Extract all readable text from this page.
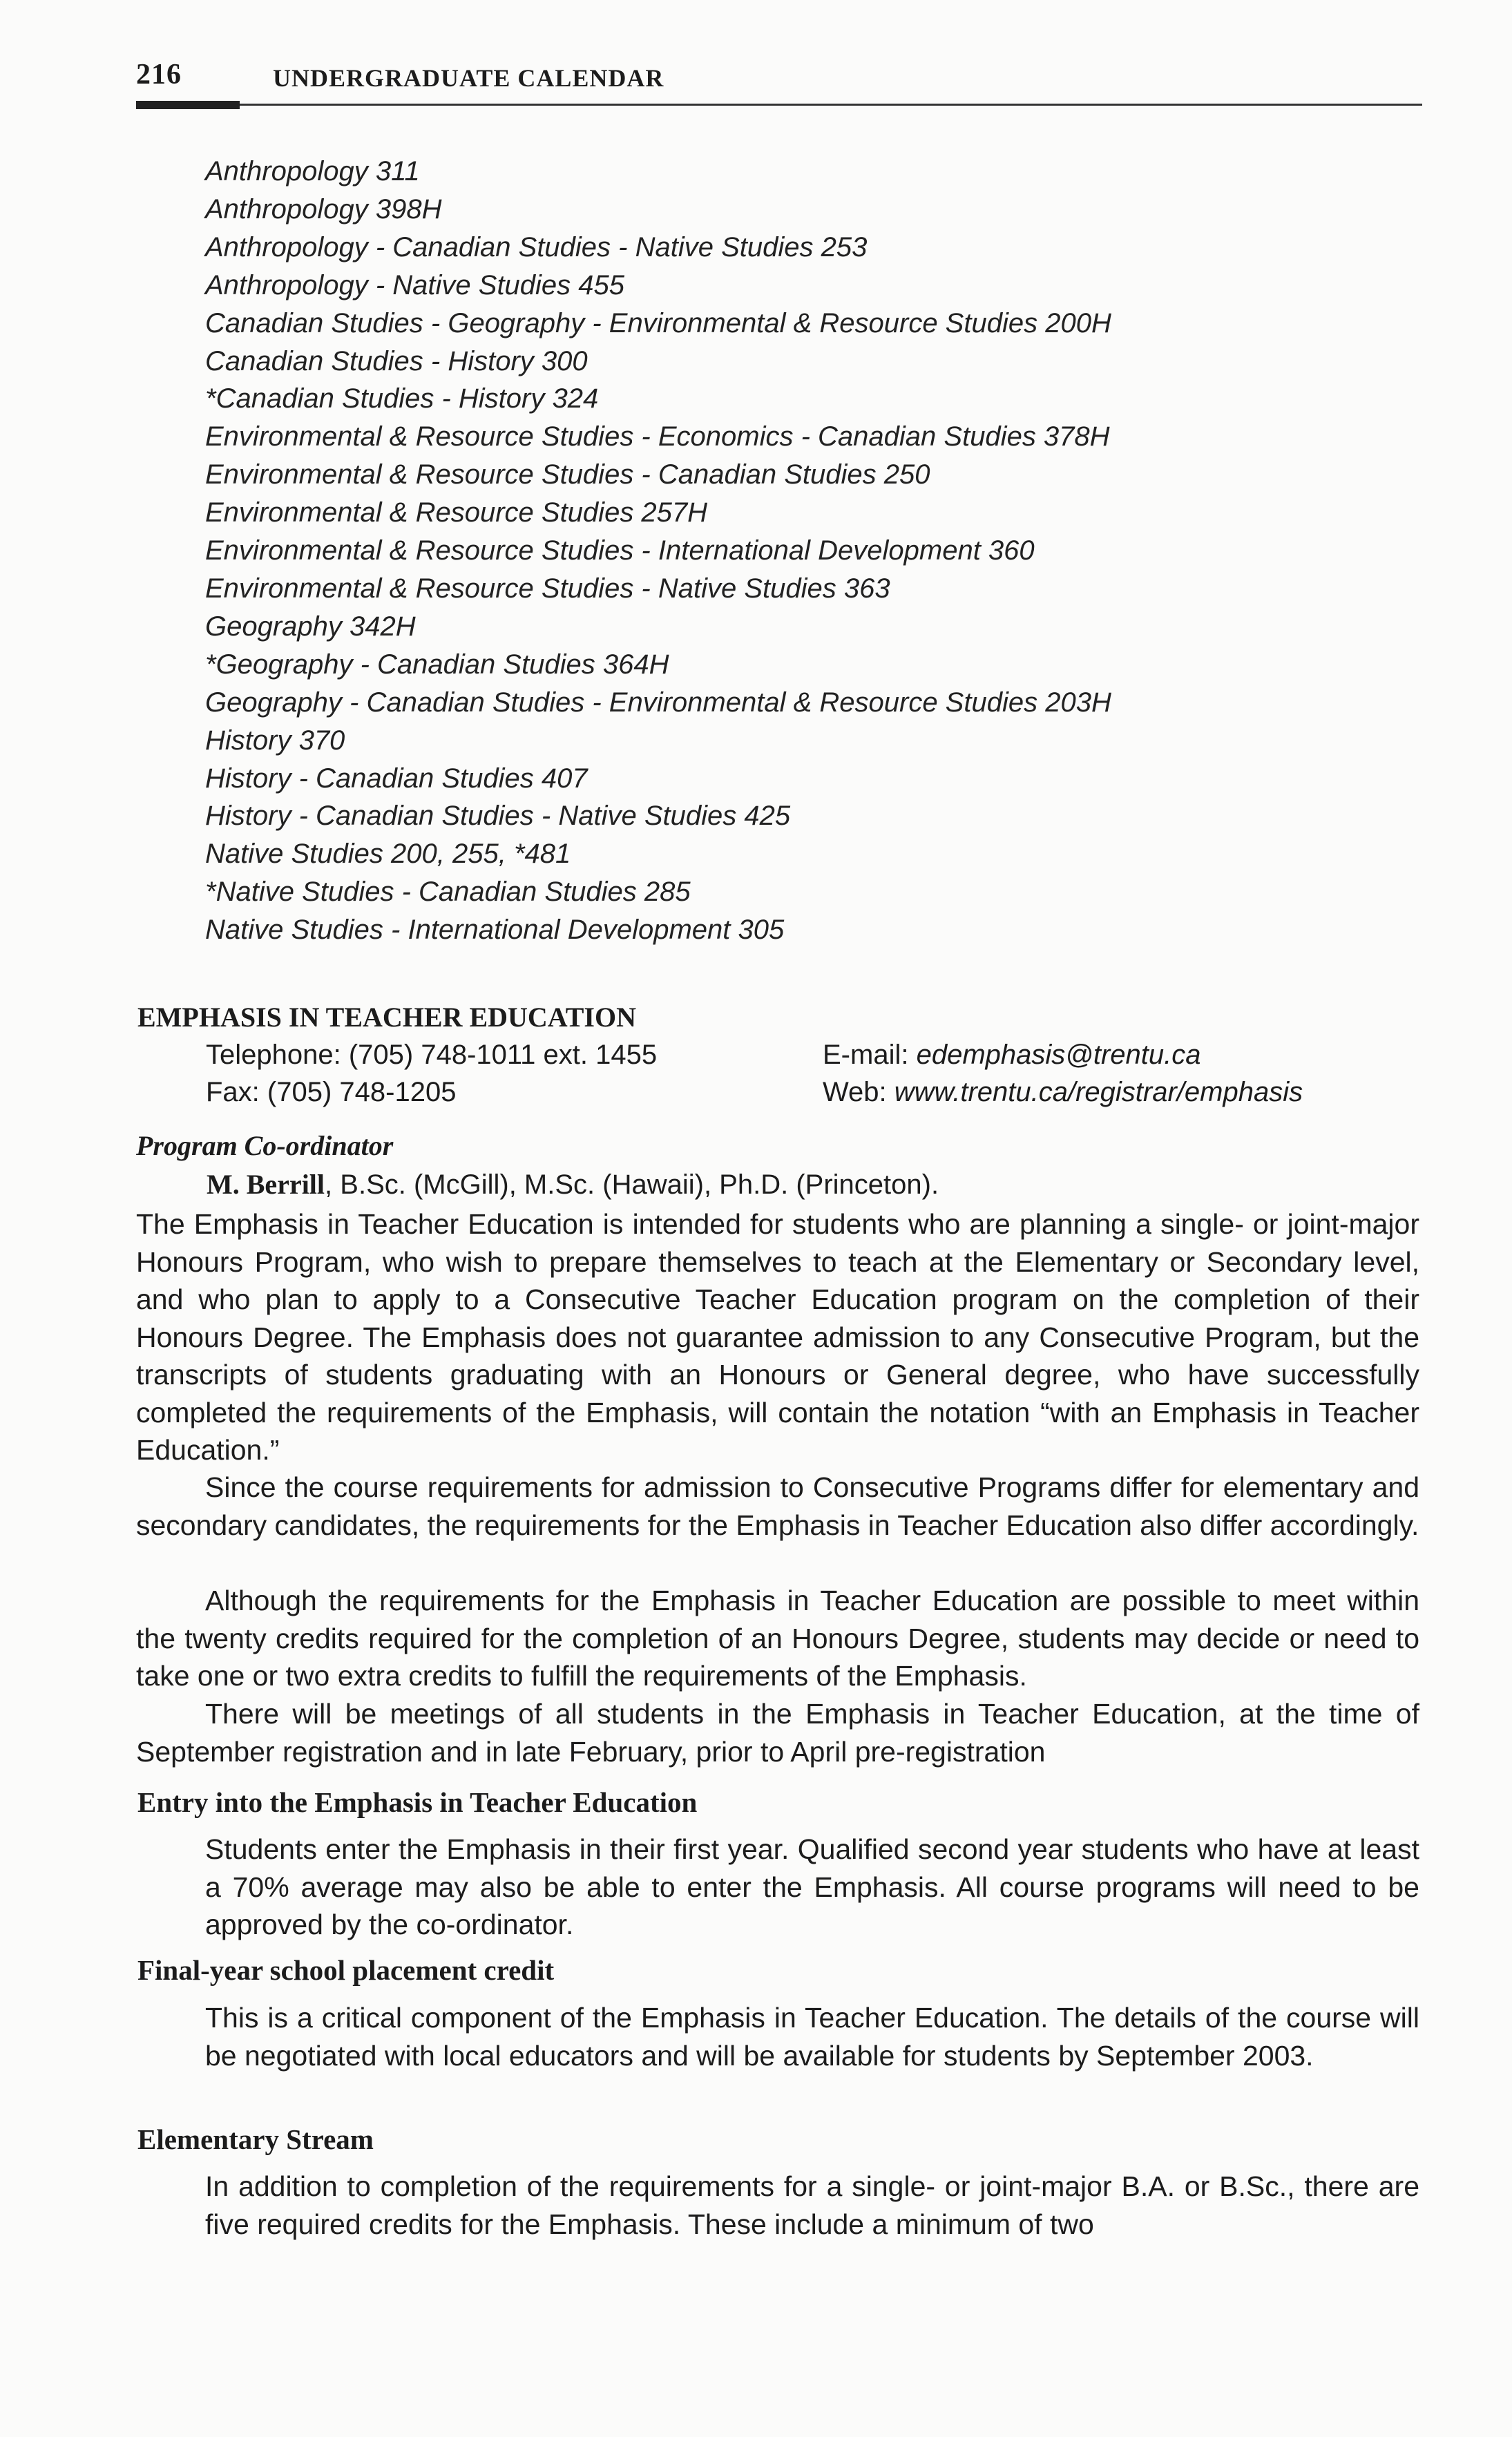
216	UNDERGRADUATE CALENDAR
Anthropology 311
Anthropology 398H
Anthropology - Canadian Studies - Native Studies 253
Anthropology - Native Studies 455
Canadian Studies - Geography - Environmental & Resource Studies 200H
Canadian Studies - History 300
*Canadian Studies - History 324
Environmental & Resource Studies - Economics - Canadian Studies 378H
Environmental & Resource Studies - Canadian Studies 250
Environmental & Resource Studies 257H
Environmental & Resource Studies - International Development 360
Environmental & Resource Studies - Native Studies 363
Geography 342H
*Geography - Canadian Studies 364H
Geography - Canadian Studies - Environmental & Resource Studies 203H
History 370
History - Canadian Studies 407
History - Canadian Studies - Native Studies 425
Native Studies 200, 255, *481
*Native Studies - Canadian Studies 285
Native Studies - International Development 305
EMPHASIS IN TEACHER EDUCATION
Telephone: (705) 748-1011 ext. 1455
Fax: (705) 748-1205
E-mail: edemphasis@trentu.ca
Web: www.trentu.ca/registrar/emphasis
Program Co-ordinator
M. Berrill, B.Sc. (McGill), M.Sc. (Hawaii), Ph.D. (Princeton).

The Emphasis in Teacher Education is intended for students who are planning a single- or joint-major Honours Program, who wish to prepare themselves to teach at the Elementary or Secondary level, and who plan to apply to a Consecutive Teacher Education program on the completion of their Honours Degree. The Emphasis does not guarantee admission to any Consecutive Program, but the transcripts of students graduating with an Honours or General degree, who have successfully completed the requirements of the Emphasis, will contain the notation “with an Emphasis in Teacher Education.”

Since the course requirements for admission to Consecutive Programs differ for elementary and secondary candidates, the requirements for the Emphasis in Teacher Education also differ accordingly.

Although the requirements for the Emphasis in Teacher Education are possible to meet within the twenty credits required for the completion of an Honours Degree, students may decide or need to take one or two extra credits to fulfill the requirements of the Emphasis.

There will be meetings of all students in the Emphasis in Teacher Education, at the time of September registration and in late February, prior to April pre-registration

Entry into the Emphasis in Teacher Education

Students enter the Emphasis in their first year. Qualified second year students who have at least a 70% average may also be able to enter the Emphasis. All course programs will need to be approved by the co-ordinator.

Final-year school placement credit

This is a critical component of the Emphasis in Teacher Education. The details of the course will be negotiated with local educators and will be available for students by September 2003.

Elementary Stream

In addition to completion of the requirements for a single- or joint-major B.A. or B.Sc., there are five required credits for the Emphasis. These include a minimum of two
